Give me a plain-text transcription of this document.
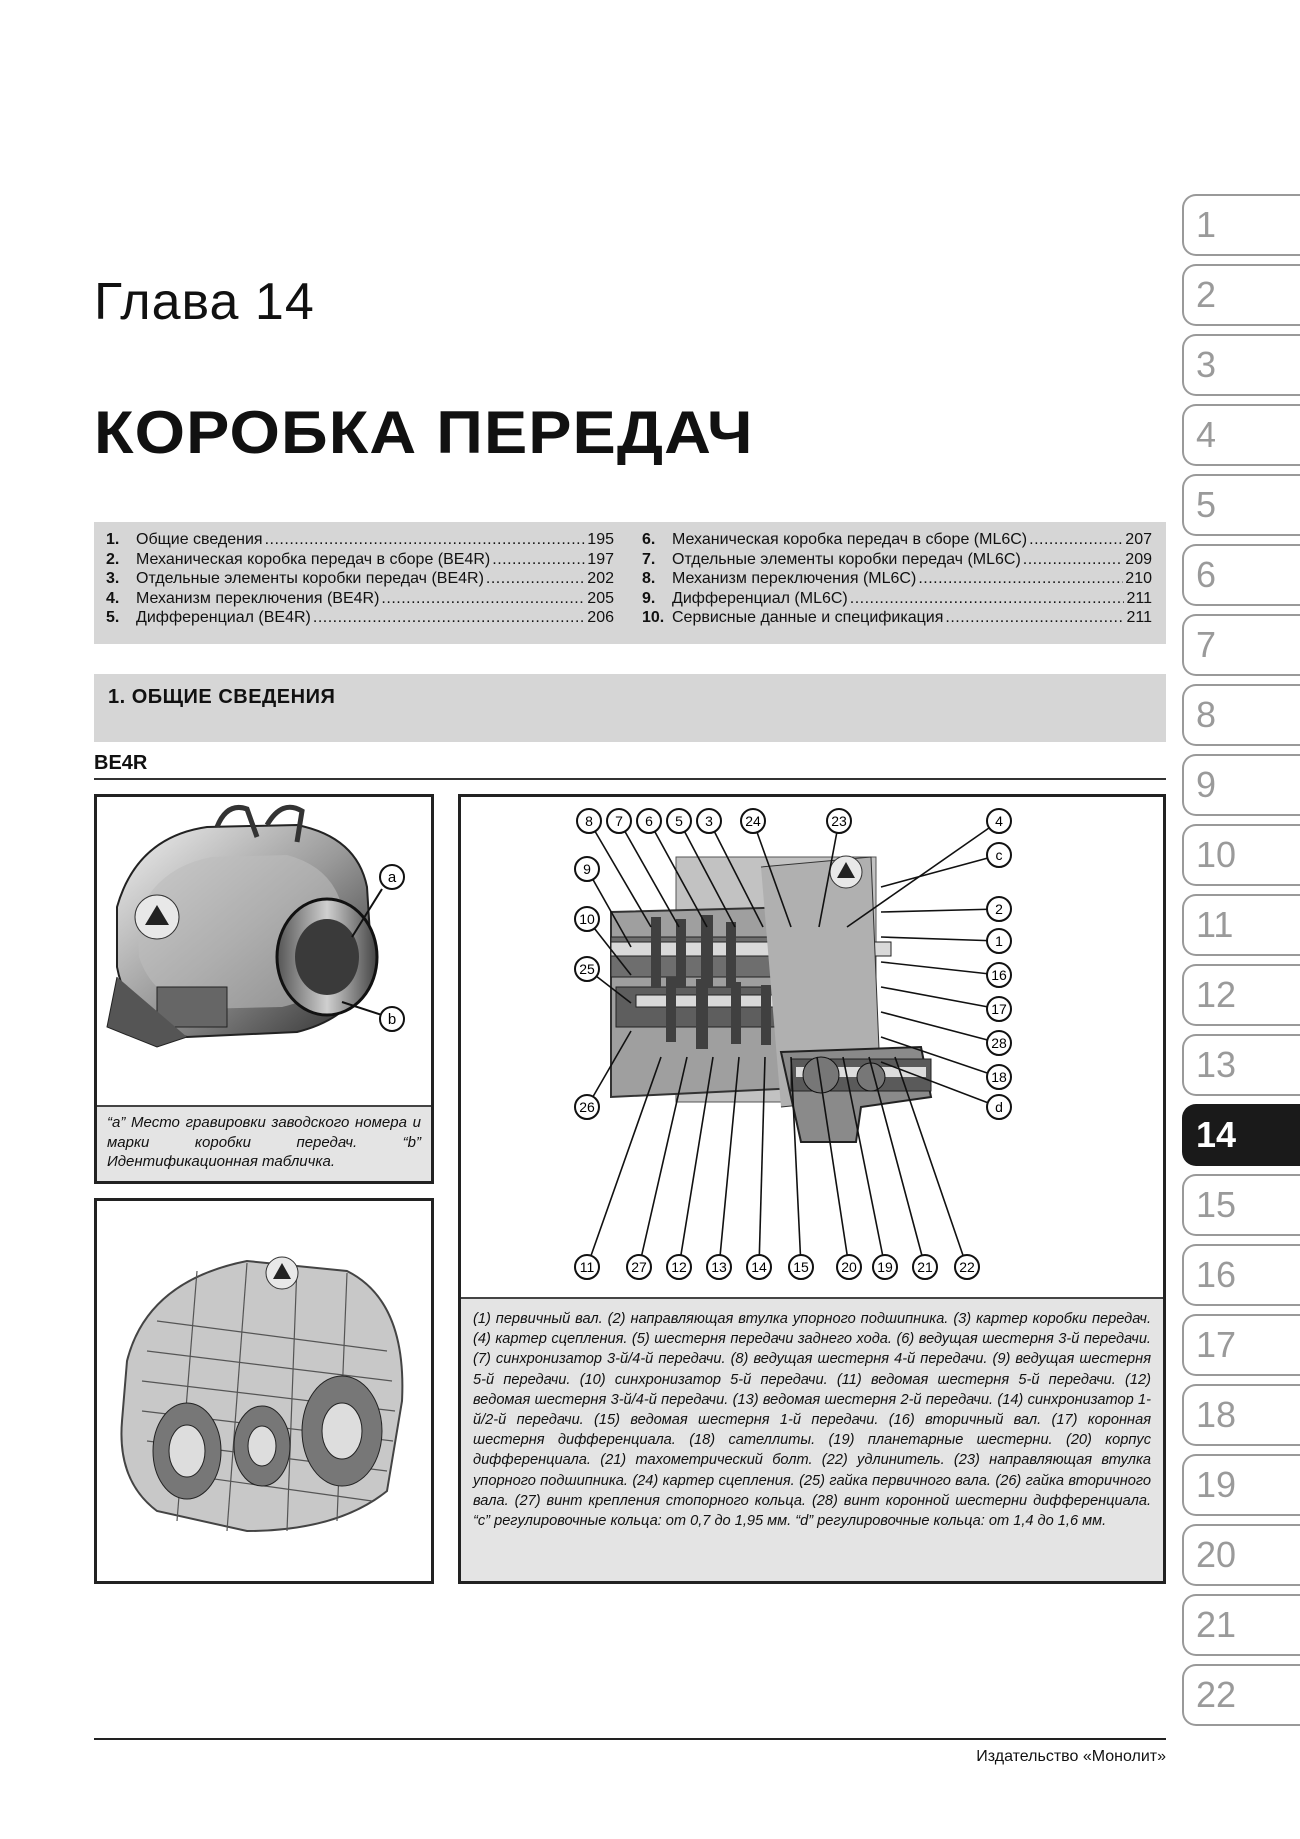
Глава 14
КОРОБКА ПЕРЕДАЧ
1.	Общие сведения .....	195
2.	Механическая коробка передач в сборе (BE4R) .....	197
3.	Отдельные элементы коробки передач (BE4R) .....	202
4.	Механизм переключения (BE4R) .....	205
5.	Дифференциал (BE4R) .....	206
6.	Механическая коробка передач в сборе (ML6C) .....	207
7.	Отдельные элементы коробки передач (ML6C) .....	209
8.	Механизм переключения (ML6C) .....	210
9.	Дифференциал (ML6C) .....	211
10. Сервисные данные и спецификация .....	211
1. ОБЩИЕ СВЕДЕНИЯ
BE4R
a
b
“a” Место гравировки заводского номера и марки коробки передач. “b” Идентификационная табличка.
8 7 6 5 3 24	23	4
9
10
25
26
c
2
1
16
17
28
18
d
11	27 12 13 14 15 20 19 21 22
(1) первичный вал. (2) направляющая втулка упорного подшипника. (3) картер коробки передач. (4) картер сцепления. (5) шестерня передачи заднего хода. (6) ведущая шестерня 3-й передачи. (7) синхронизатор 3-й/4-й передачи. (8) ведущая шестерня 4-й передачи. (9) ведущая шестерня 5-й передачи. (10) синхронизатор 5-й передачи. (11) ведомая шестерня 5-й передачи. (12) ведомая шестерня 3-й/4-й передачи. (13) ведомая шестерня 2-й передачи. (14) синхронизатор 1-й/2-й передачи. (15) ведомая шестерня 1-й передачи. (16) вторичный вал. (17) коронная шестерня дифференциала. (18) сателлиты. (19) планетарные шестерни. (20) корпус дифференциала. (21) тахометрический болт. (22) удлинитель. (23) направляющая втулка упорного подшипника. (24) картер сцепления. (25) гайка первичного вала. (26) гайка вторичного вала. (27) винт крепления стопорного кольца. (28) винт коронной шестерни дифференциала. “c” регулировочные кольца: от 0,7 до 1,95 мм. “d” регулировочные кольца: от 1,4 до 1,6 мм.
1
2
3
4
5
6
7
8
9
10
11
12
13
14
15
16
17
18
19
20
21
22
Издательство «Монолит»
